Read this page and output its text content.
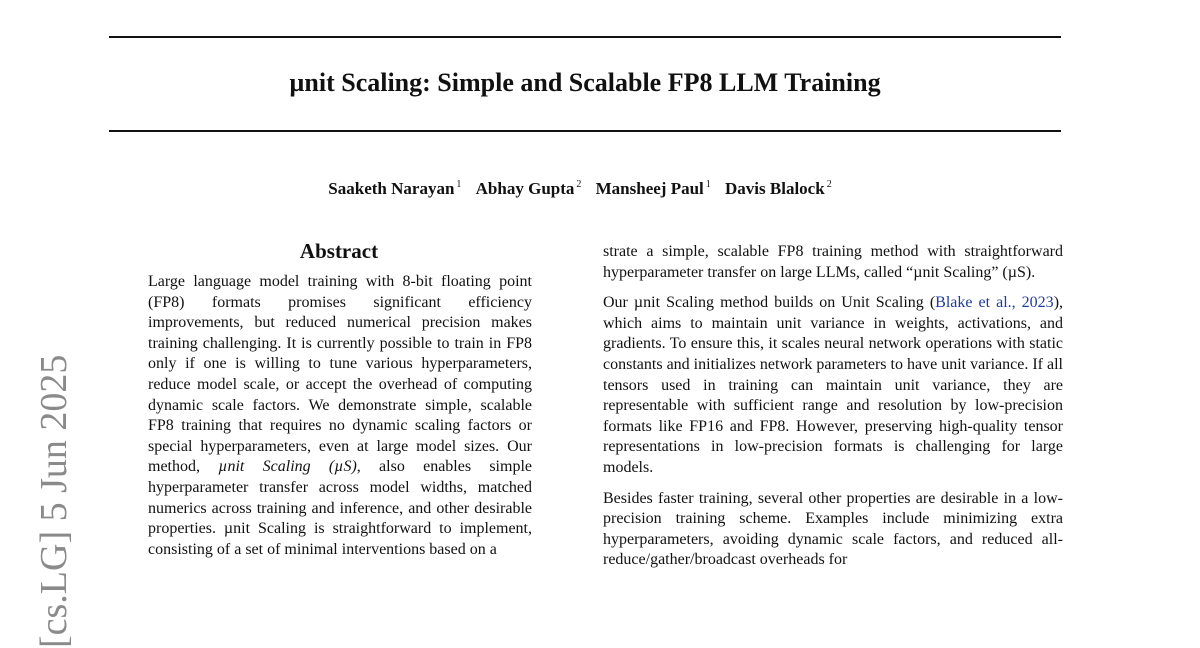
µnit Scaling: Simple and Scalable FP8 LLM Training
Saaketh Narayan $^1$ Abhay Gupta $^2$ Mansheej Paul $^1$ Davis Blalock $^2$
[cs.LG] 5 Jun 2025
Abstract

Large language model training with 8-bit floating point (FP8) formats promises significant efficiency improvements, but reduced numerical precision makes training challenging. It is currently possible to train in FP8 only if one is willing to tune various hyperparameters, reduce model scale, or accept the overhead of computing dynamic scale factors. We demonstrate simple, scalable FP8 training that requires no dynamic scaling factors or special hyperparameters, even at large model sizes. Our method, µnit Scaling (µS), also enables simple hyperparameter transfer across model widths, matched numerics across training and inference, and other desirable properties. µnit Scaling is straightforward to implement, consisting of a set of minimal interventions based on a

strate a simple, scalable FP8 training method with straightforward hyperparameter transfer on large LLMs, called “µnit Scaling” (µS).

Our µnit Scaling method builds on Unit Scaling (Blake et al., 2023), which aims to maintain unit variance in weights, activations, and gradients. To ensure this, it scales neural network operations with static constants and initializes network parameters to have unit variance. If all tensors used in training can maintain unit variance, they are representable with sufficient range and resolution by low-precision formats like FP16 and FP8. However, preserving high-quality tensor representations in low-precision formats is challenging for large models.

Besides faster training, several other properties are desirable in a low-precision training scheme. Examples include minimizing extra hyperparameters, avoiding dynamic scale factors, and reduced all-reduce/gather/broadcast overheads for
